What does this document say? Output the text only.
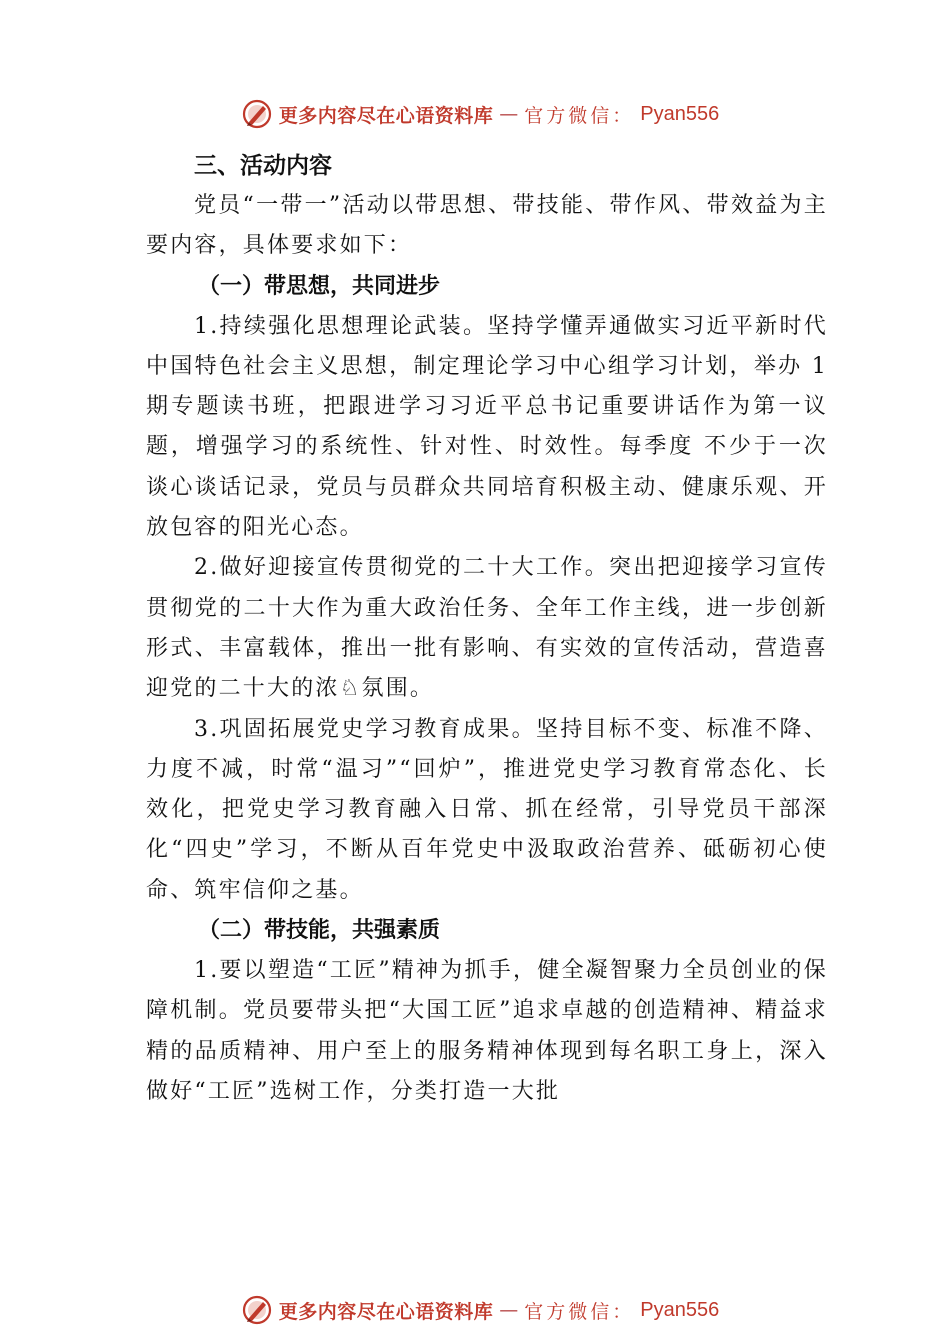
更多内容尽在心语资料库 — 官方微信： Pyan556
三、活动内容

党员“一带一”活动以带思想、带技能、带作风、带效益为主要内容，具体要求如下：

（一）带思想，共同进步

1.持续强化思想理论武装。坚持学懂弄通做实习近平新时代中国特色社会主义思想，制定理论学习中心组学习计划，举办 1 期专题读书班，把跟进学习习近平总书记重要讲话作为第一议题，增强学习的系统性、针对性、时效性。每季度 不少于一次谈心谈话记录，党员与员群众共同培育积极主动、健康乐观、开放包容的阳光心态。

2.做好迎接宣传贯彻党的二十大工作。突出把迎接学习宣传贯彻党的二十大作为重大政治任务、全年工作主线，进一步创新形式、丰富载体，推出一批有影响、有实效的宣传活动，营造喜迎党的二十大的浓♘氛围。

3.巩固拓展党史学习教育成果。坚持目标不变、标准不降、力度不减，时常“温习”“回炉”，推进党史学习教育常态化、长效化，把党史学习教育融入日常、抓在经常，引导党员干部深化“四史”学习，不断从百年党史中汲取政治营养、砥砺初心使命、筑牢信仰之基。

（二）带技能，共强素质

1.要以塑造“工匠”精神为抓手，健全凝智聚力全员创业的保障机制。党员要带头把“大国工匠”追求卓越的创造精神、精益求精的品质精神、用户至上的服务精神体现到每名职工身上，深入做好“工匠”选树工作，分类打造一大批

更多内容尽在心语资料库 — 官方微信： Pyan556
